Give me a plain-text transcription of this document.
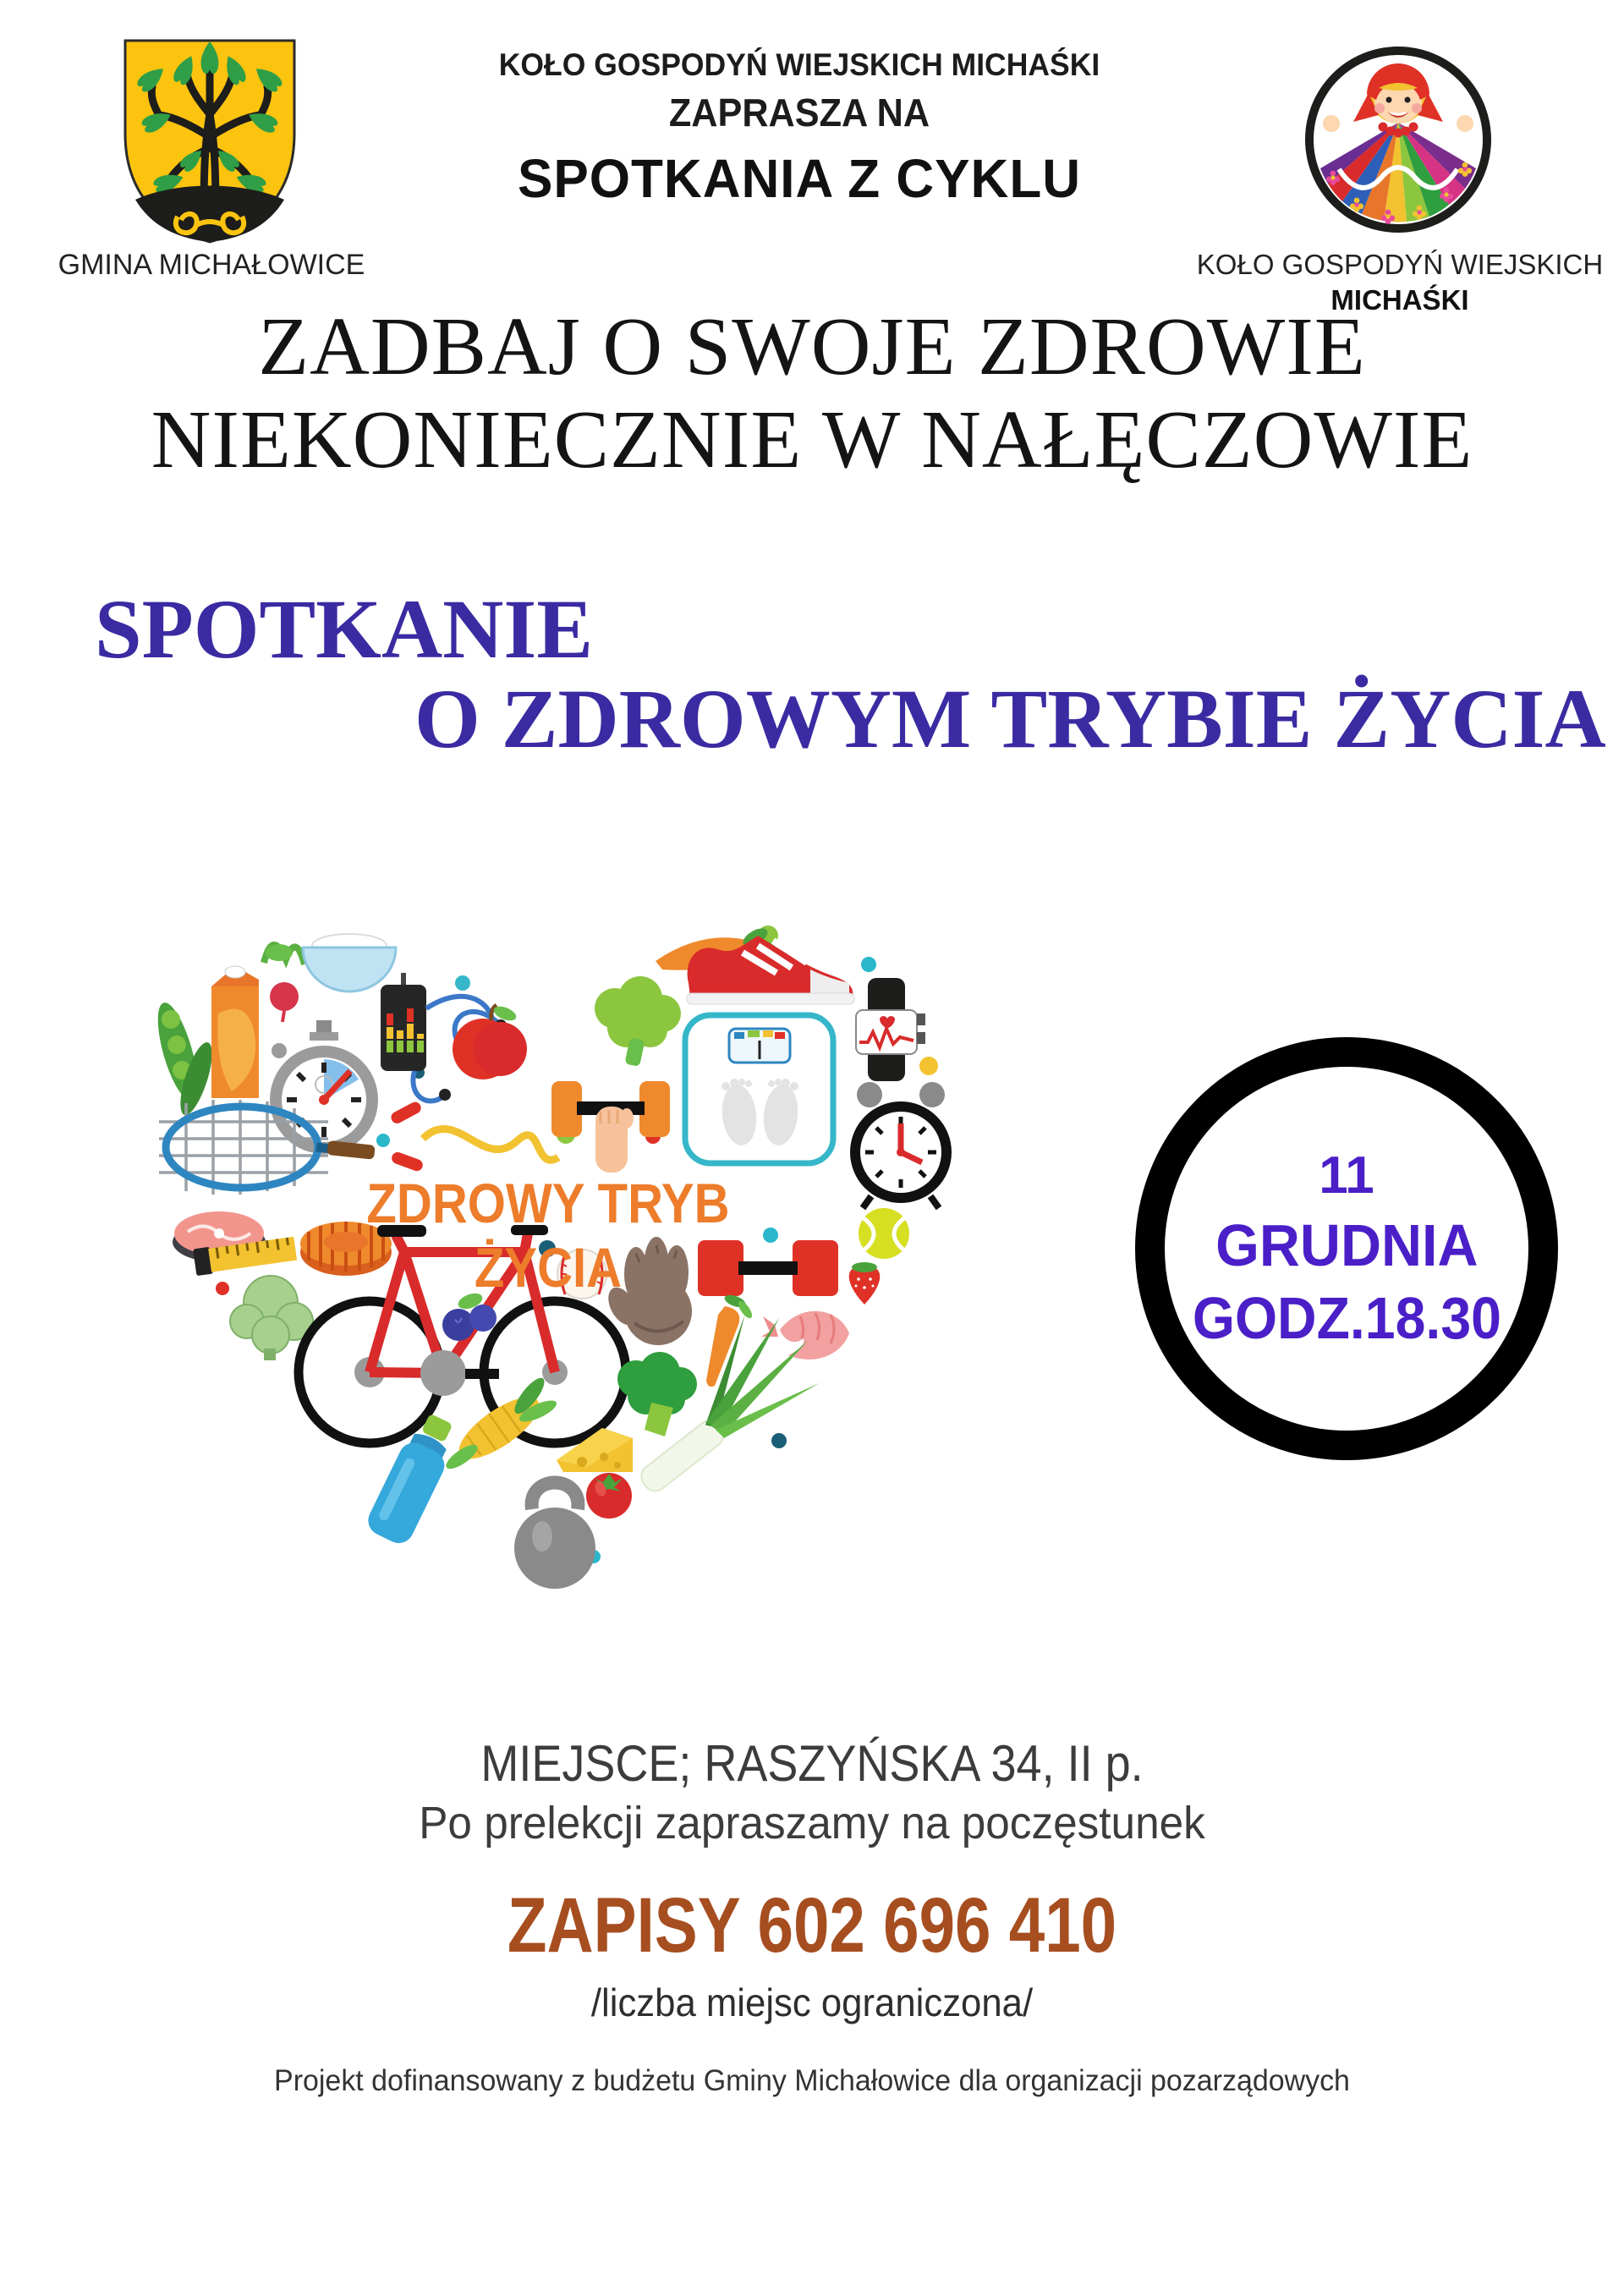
GMINA MICHAŁOWICE
KOŁO GOSPODYŃ WIEJSKICH MICHAŚKI
ZAPRASZA NA
SPOTKANIA Z CYKLU
KOŁO GOSPODYŃ WIEJSKICH
MICHAŚKI
ZADBAJ O SWOJE ZDROWIE
NIEKONIECZNIE W NAŁĘCZOWIE
SPOTKANIE
O ZDROWYM TRYBIE ŻYCIA
ZDROWY TRYB ŻYCIA
11
GRUDNIA
GODZ.18.30
MIEJSCE; RASZYŃSKA 34, II p.
Po prelekcji zapraszamy na poczęstunek
ZAPISY 602 696 410
/liczba miejsc ograniczona/
Projekt dofinansowany z budżetu Gminy Michałowice dla organizacji pozarządowych
